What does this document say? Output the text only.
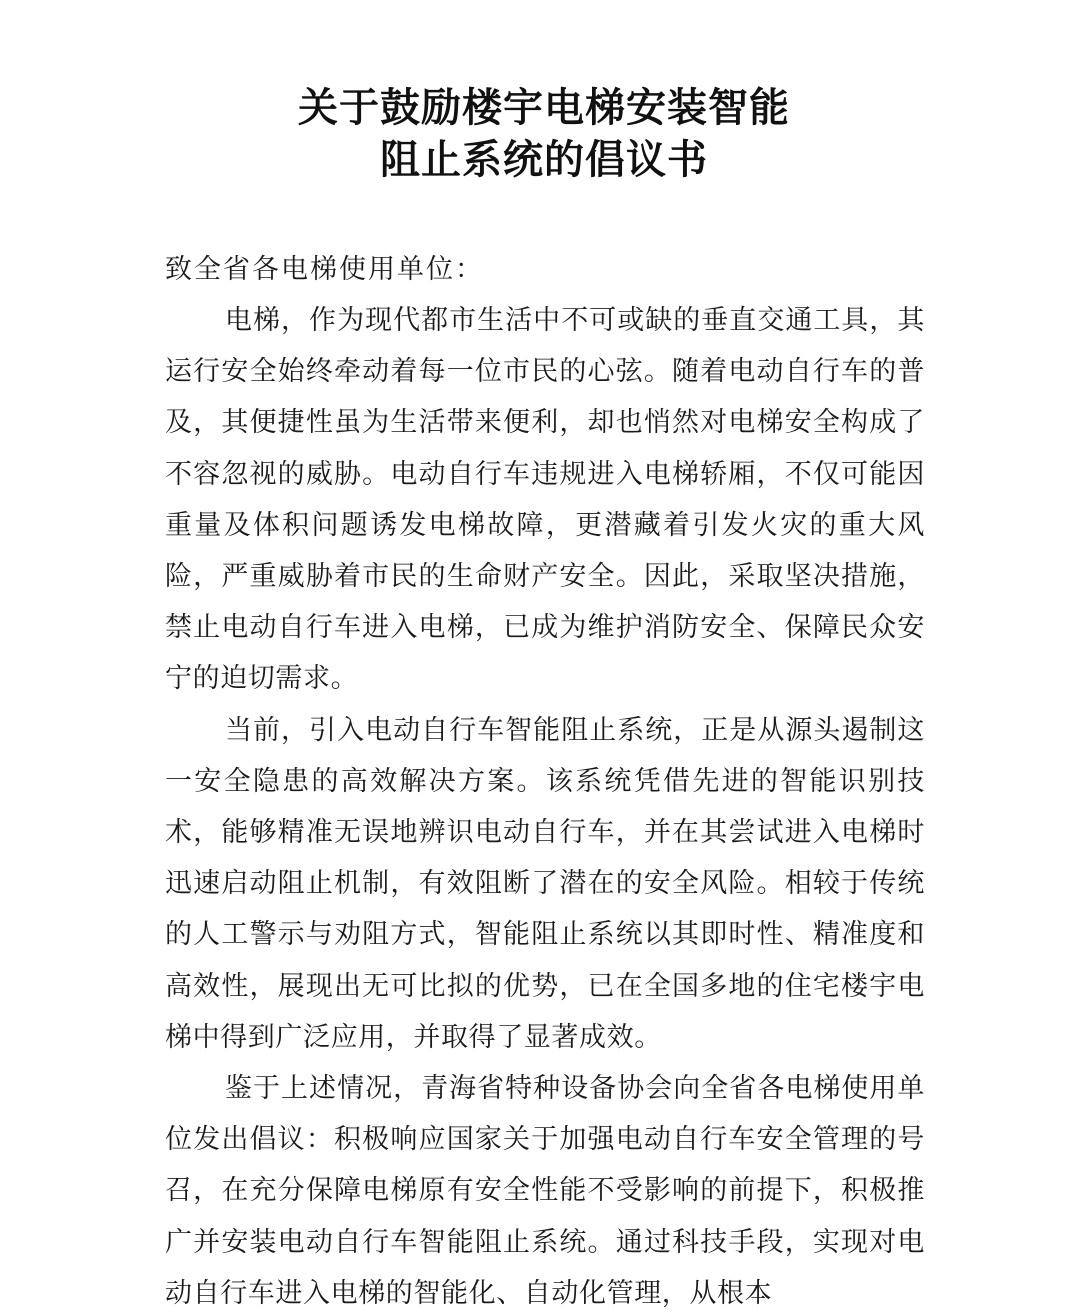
关于鼓励楼宇电梯安装智能
阻止系统的倡议书
致全省各电梯使用单位：

电梯，作为现代都市生活中不可或缺的垂直交通工具，其运行安全始终牵动着每一位市民的心弦。随着电动自行车的普及，其便捷性虽为生活带来便利，却也悄然对电梯安全构成了不容忽视的威胁。电动自行车违规进入电梯轿厢，不仅可能因重量及体积问题诱发电梯故障，更潜藏着引发火灾的重大风险，严重威胁着市民的生命财产安全。因此，采取坚决措施，禁止电动自行车进入电梯，已成为维护消防安全、保障民众安宁的迫切需求。

当前，引入电动自行车智能阻止系统，正是从源头遏制这一安全隐患的高效解决方案。该系统凭借先进的智能识别技术，能够精准无误地辨识电动自行车，并在其尝试进入电梯时迅速启动阻止机制，有效阻断了潜在的安全风险。相较于传统的人工警示与劝阻方式，智能阻止系统以其即时性、精准度和高效性，展现出无可比拟的优势，已在全国多地的住宅楼宇电梯中得到广泛应用，并取得了显著成效。

鉴于上述情况，青海省特种设备协会向全省各电梯使用单位发出倡议：积极响应国家关于加强电动自行车安全管理的号召，在充分保障电梯原有安全性能不受影响的前提下，积极推广并安装电动自行车智能阻止系统。通过科技手段，实现对电动自行车进入电梯的智能化、自动化管理，从根本
